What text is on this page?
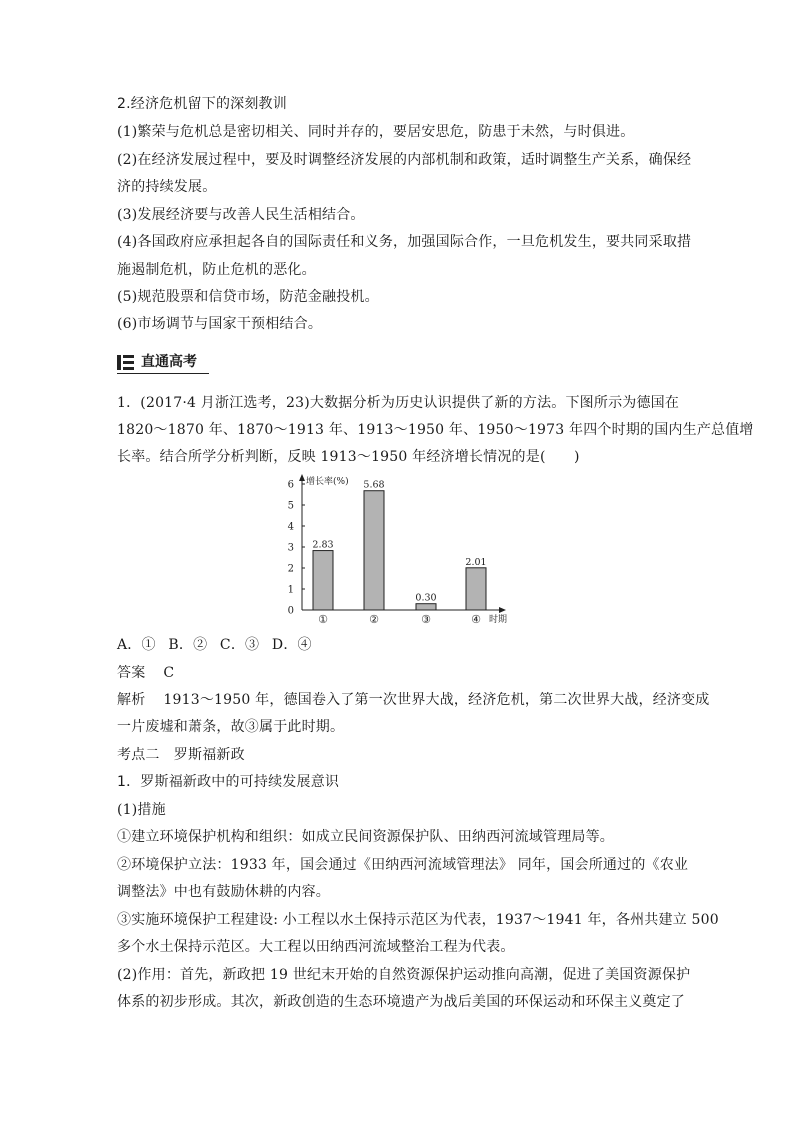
2.经济危机留下的深刻教训
(1)繁荣与危机总是密切相关、同时并存的，要居安思危，防患于未然，与时俱进。
(2)在经济发展过程中，要及时调整经济发展的内部机制和政策，适时调整生产关系，确保经
济的持续发展。
(3)发展经济要与改善人民生活相结合。
(4)各国政府应承担起各自的国际责任和义务，加强国际合作，一旦危机发生，要共同采取措
施遏制危机，防止危机的恶化。
(5)规范股票和信贷市场，防范金融投机。
(6)市场调节与国家干预相结合。
直通高考
1．(2017·4 月浙江选考，23)大数据分析为历史认识提供了新的方法。下图所示为德国在
1820～1870 年、1870～1913 年、1913～1950 年、1950～1973 年四个时期的国内生产总值增
长率。结合所学分析判断，反映 1913～1950 年经济增长情况的是(　　)
0
1
2
3
4
5
6 增长率(%)
时期
2.83
①
5.68
②
0.30
③
2.01
④
A．① B．② C．③ D．④
答案 C
解析 1913～1950 年，德国卷入了第一次世界大战，经济危机，第二次世界大战，经济变成
一片废墟和萧条，故③属于此时期。
考点二　罗斯福新政
1．罗斯福新政中的可持续发展意识
(1)措施
①建立环境保护机构和组织：如成立民间资源保护队、田纳西河流域管理局等。
②环境保护立法：1933 年，国会通过《田纳西河流域管理法》 同年，国会所通过的《农业
调整法》中也有鼓励休耕的内容。
③实施环境保护工程建设: 小工程以水土保持示范区为代表，1937～1941 年，各州共建立 500
多个水土保持示范区。大工程以田纳西河流域整治工程为代表。
(2)作用：首先，新政把 19 世纪末开始的自然资源保护运动推向高潮，促进了美国资源保护
体系的初步形成。其次，新政创造的生态环境遗产为战后美国的环保运动和环保主义奠定了
